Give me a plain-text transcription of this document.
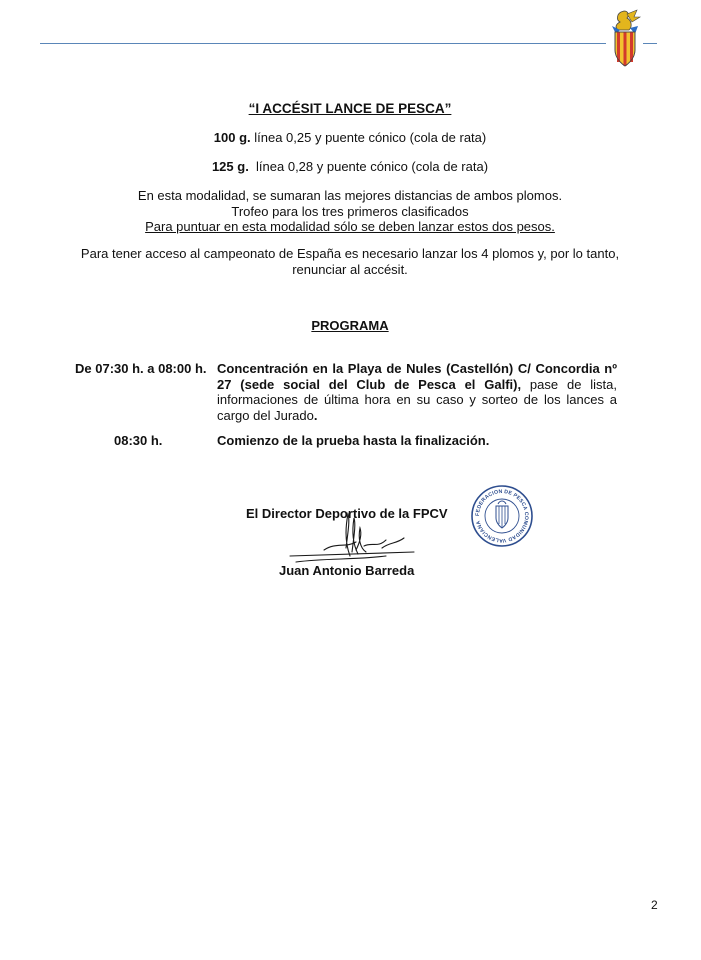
“I ACCÉSIT LANCE DE PESCA”
100 g. línea 0,25 y puente cónico (cola de rata)
125 g.  línea 0,28 y puente cónico (cola de rata)
En esta modalidad, se sumaran las mejores distancias de ambos plomos.
Trofeo para los tres primeros clasificados
Para puntuar en esta modalidad sólo se deben lanzar estos dos pesos.
Para tener acceso al campeonato de España es necesario lanzar los 4 plomos y, por lo tanto,
renunciar al accésit.
PROGRAMA
De 07:30 h. a 08:00 h. Concentración en la Playa de Nules (Castellón) C/ Concordia nº 27 (sede social del Club de Pesca el Galfi), pase de lista, informaciones de última hora en su caso y sorteo de los lances a cargo del Jurado.
08:30 h.	Comienzo de la prueba hasta la finalización.
El Director Deportivo de la FPCV
Juan Antonio Barreda
FEDERACION DE PESCA COMUNIDAD VALENCIANA
2
